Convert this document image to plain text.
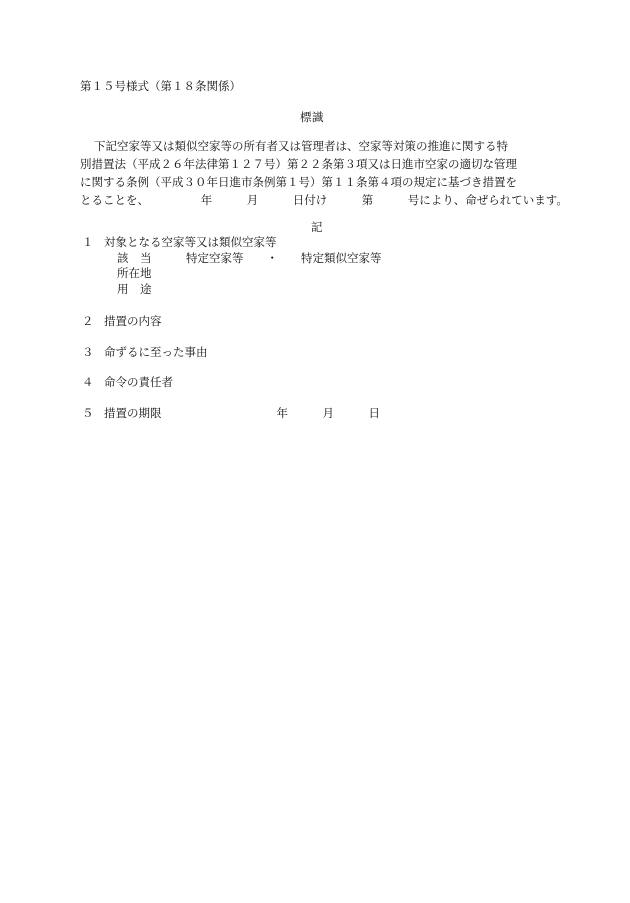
第１５号様式（第１８条関係）
標識
下記空家等又は類似空家等の所有者又は管理者は、空家等対策の推進に関する特
別措置法（平成２６年法律第１２７号）第２２条第３項又は日進市空家の適切な管理
に関する条例（平成３０年日進市条例第１号）第１１条第４項の規定に基づき措置を
とることを、　　　　　年　　　月　　　日付け　　　第　　　号により、命ぜられています。
記
１ 対象となる空家等又は類似空家等
該　当　　　特定空家等　　・　　特定類似空家等
所在地
用　途
２ 措置の内容
３ 命ずるに至った事由
４ 命令の責任者
５ 措置の期限　　　　　　　　　　年　　　月　　　日
